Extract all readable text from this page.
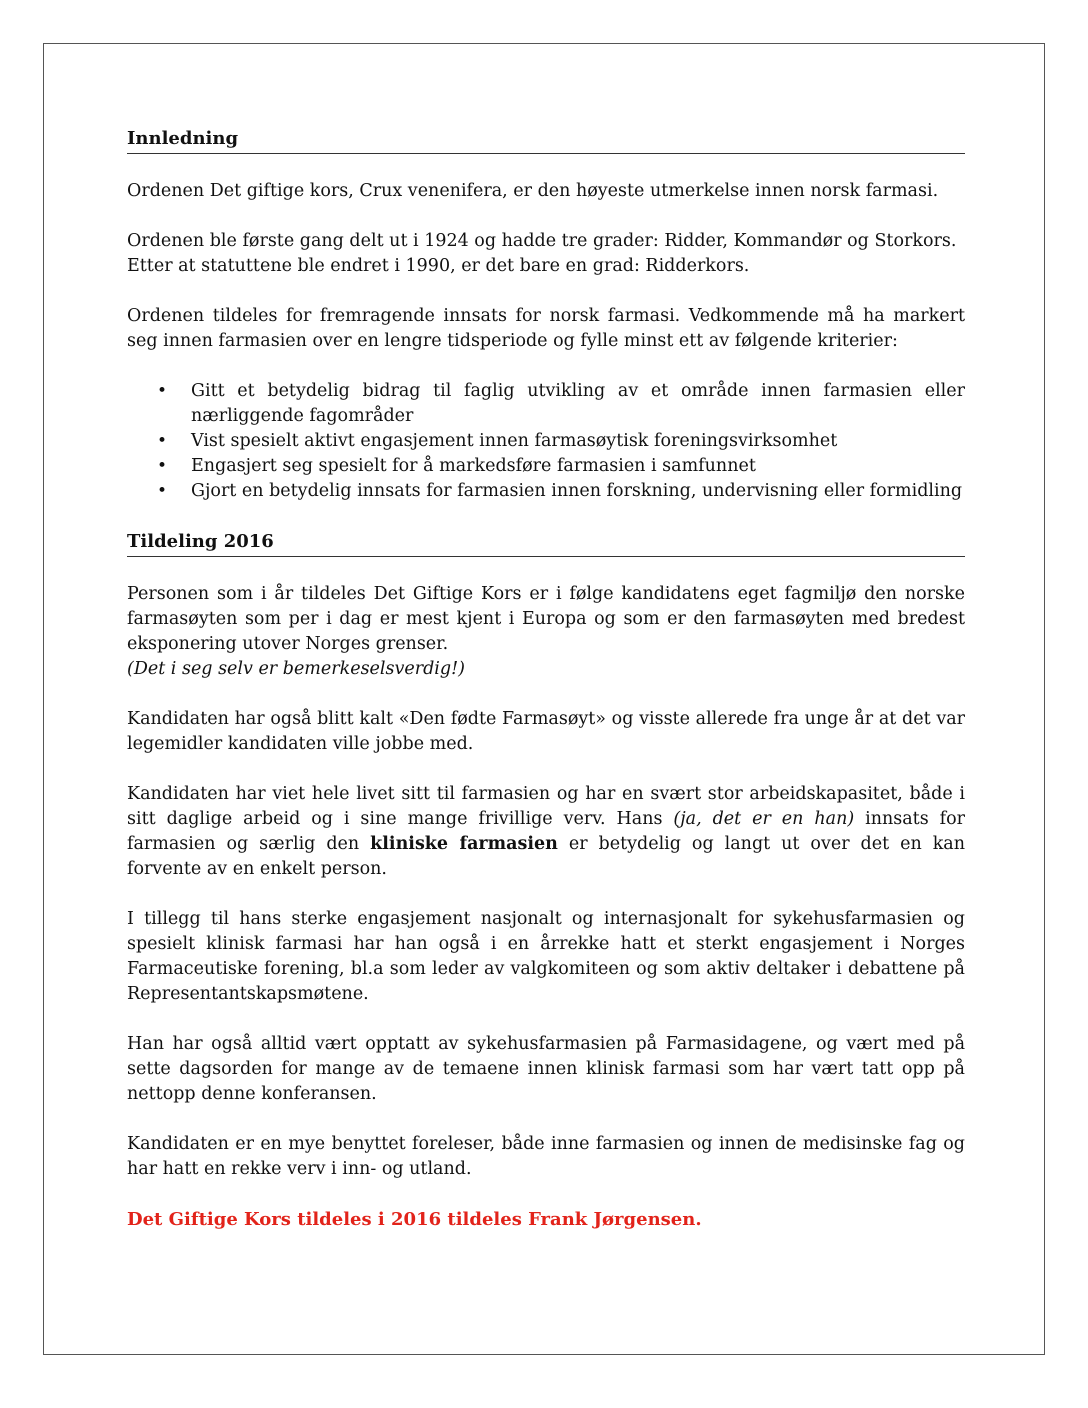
Innledning

Ordenen Det giftige kors, Crux venenifera, er den høyeste utmerkelse innen norsk farmasi.

Ordenen ble første gang delt ut i 1924 og hadde tre grader: Ridder, Kommandør og Storkors. Etter at statuttene ble endret i 1990, er det bare en grad: Ridderkors.

Ordenen tildeles for fremragende innsats for norsk farmasi. Vedkommende må ha markert seg innen farmasien over en lengre tidsperiode og fylle minst ett av følgende kriterier:

• Gitt et betydelig bidrag til faglig utvikling av et område innen farmasien eller nærliggende fagområder
• Vist spesielt aktivt engasjement innen farmasøytisk foreningsvirksomhet
• Engasjert seg spesielt for å markedsføre farmasien i samfunnet
• Gjort en betydelig innsats for farmasien innen forskning, undervisning eller formidling
Tildeling 2016

Personen som i år tildeles Det Giftige Kors er i følge kandidatens eget fagmiljø den norske farmasøyten som per i dag er mest kjent i Europa og som er den farmasøyten med bredest eksponering utover Norges grenser.

(Det i seg selv er bemerkeselsverdig!)

Kandidaten har også blitt kalt «Den fødte Farmasøyt» og visste allerede fra unge år at det var legemidler kandidaten ville jobbe med.

Kandidaten har viet hele livet sitt til farmasien og har en svært stor arbeidskapasitet, både i sitt daglige arbeid og i sine mange frivillige verv. Hans (ja, det er en han) innsats for farmasien og særlig den kliniske farmasien er betydelig og langt ut over det en kan forvente av en enkelt person.

I tillegg til hans sterke engasjement nasjonalt og internasjonalt for sykehusfarmasien og spesielt klinisk farmasi har han også i en årrekke hatt et sterkt engasjement i Norges Farmaceutiske forening, bl.a som leder av valgkomiteen og som aktiv deltaker i debattene på Representantskapsmøtene.

Han har også alltid vært opptatt av sykehusfarmasien på Farmasidagene, og vært med på sette dagsorden for mange av de temaene innen klinisk farmasi som har vært tatt opp på nettopp denne konferansen.

Kandidaten er en mye benyttet foreleser, både inne farmasien og innen de medisinske fag og har hatt en rekke verv i inn- og utland.

Det Giftige Kors tildeles i 2016 tildeles Frank Jørgensen.
